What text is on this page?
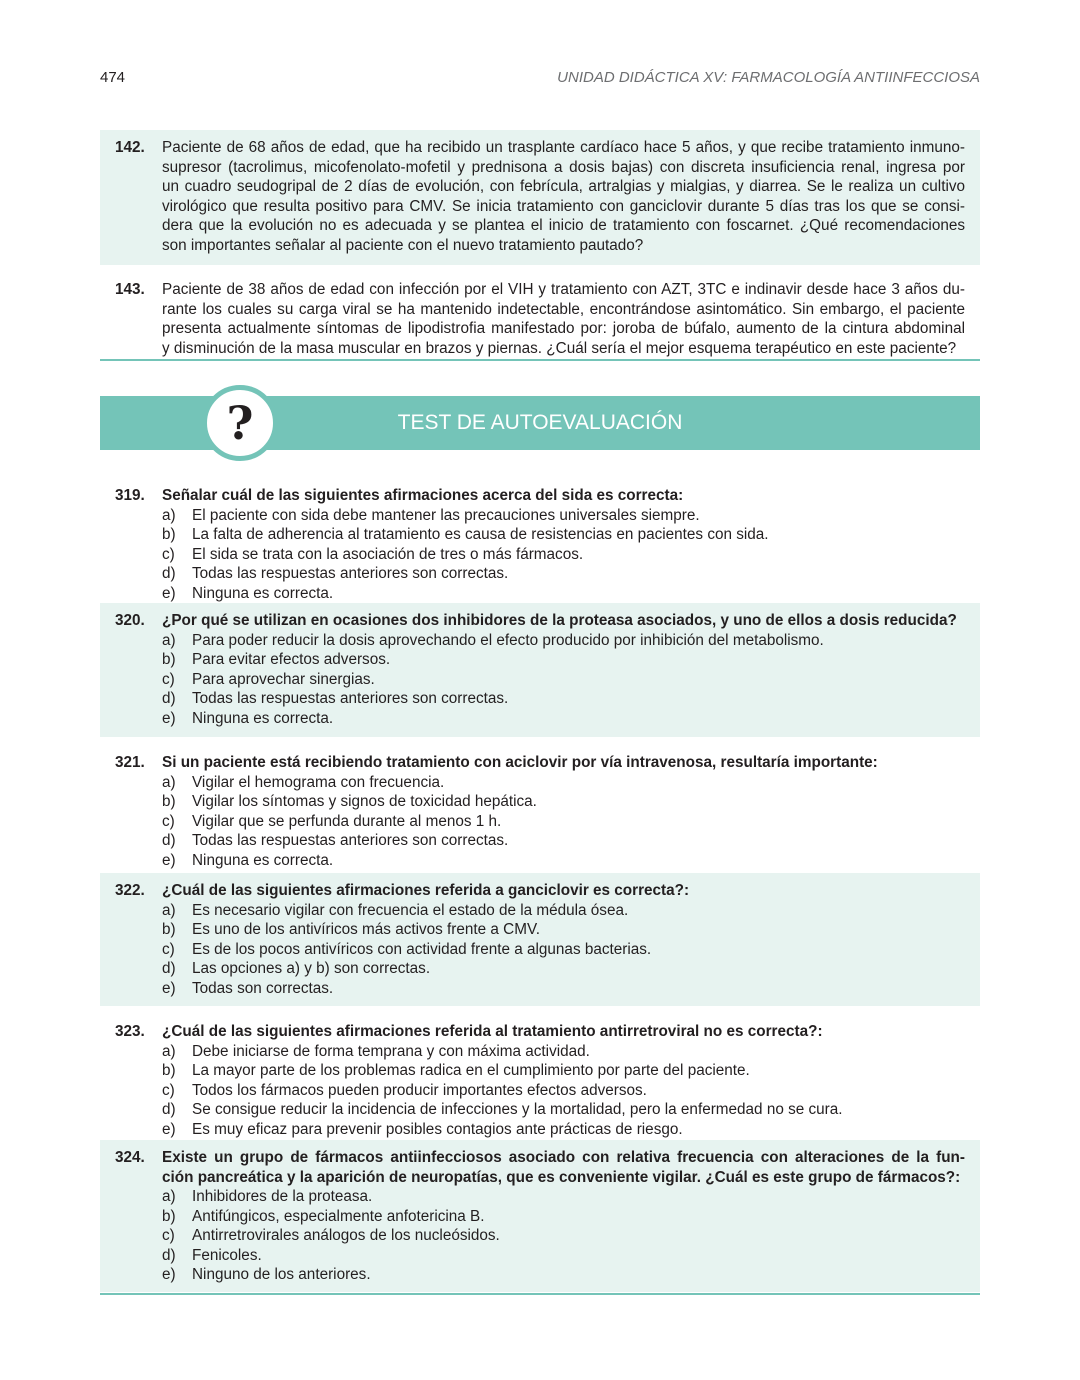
474	UNIDAD DIDÁCTICA XV: FARMACOLOGÍA ANTIINFECCIOSA
142. Paciente de 68 años de edad, que ha recibido un trasplante cardíaco hace 5 años, y que recibe tratamiento inmuno-
supresor (tacrolimus, micofenolato-mofetil y prednisona a dosis bajas) con discreta insuficiencia renal, ingresa por
un cuadro seudogripal de 2 días de evolución, con febrícula, artralgias y mialgias, y diarrea. Se le realiza un cultivo
virológico que resulta positivo para CMV. Se inicia tratamiento con ganciclovir durante 5 días tras los que se consi-
dera que la evolución no es adecuada y se plantea el inicio de tratamiento con foscarnet. ¿Qué recomendaciones
son importantes señalar al paciente con el nuevo tratamiento pautado?
143. Paciente de 38 años de edad con infección por el VIH y tratamiento con AZT, 3TC e indinavir desde hace 3 años du-
rante los cuales su carga viral se ha mantenido indetectable, encontrándose asintomático. Sin embargo, el paciente
presenta actualmente síntomas de lipodistrofia manifestado por: joroba de búfalo, aumento de la cintura abdominal
y disminución de la masa muscular en brazos y piernas. ¿Cuál sería el mejor esquema terapéutico en este paciente?
TEST DE AUTOEVALUACIÓN
?
319. Señalar cuál de las siguientes afirmaciones acerca del sida es correcta:
a) El paciente con sida debe mantener las precauciones universales siempre.
b) La falta de adherencia al tratamiento es causa de resistencias en pacientes con sida.
c) El sida se trata con la asociación de tres o más fármacos.
d) Todas las respuestas anteriores son correctas.
e) Ninguna es correcta.
320. ¿Por qué se utilizan en ocasiones dos inhibidores de la proteasa asociados, y uno de ellos a dosis reducida?
a) Para poder reducir la dosis aprovechando el efecto producido por inhibición del metabolismo.
b) Para evitar efectos adversos.
c) Para aprovechar sinergias.
d) Todas las respuestas anteriores son correctas.
e) Ninguna es correcta.
321. Si un paciente está recibiendo tratamiento con aciclovir por vía intravenosa, resultaría importante:
a) Vigilar el hemograma con frecuencia.
b) Vigilar los síntomas y signos de toxicidad hepática.
c) Vigilar que se perfunda durante al menos 1 h.
d) Todas las respuestas anteriores son correctas.
e) Ninguna es correcta.
322. ¿Cuál de las siguientes afirmaciones referida a ganciclovir es correcta?:
a) Es necesario vigilar con frecuencia el estado de la médula ósea.
b) Es uno de los antivíricos más activos frente a CMV.
c) Es de los pocos antivíricos con actividad frente a algunas bacterias.
d) Las opciones a) y b) son correctas.
e) Todas son correctas.
323. ¿Cuál de las siguientes afirmaciones referida al tratamiento antirretroviral no es correcta?:
a) Debe iniciarse de forma temprana y con máxima actividad.
b) La mayor parte de los problemas radica en el cumplimiento por parte del paciente.
c) Todos los fármacos pueden producir importantes efectos adversos.
d) Se consigue reducir la incidencia de infecciones y la mortalidad, pero la enfermedad no se cura.
e) Es muy eficaz para prevenir posibles contagios ante prácticas de riesgo.
324. Existe un grupo de fármacos antiinfecciosos asociado con relativa frecuencia con alteraciones de la fun-
ción pancreática y la aparición de neuropatías, que es conveniente vigilar. ¿Cuál es este grupo de fármacos?:
a) Inhibidores de la proteasa.
b) Antifúngicos, especialmente anfotericina B.
c) Antirretrovirales análogos de los nucleósidos.
d) Fenicoles.
e) Ninguno de los anteriores.
